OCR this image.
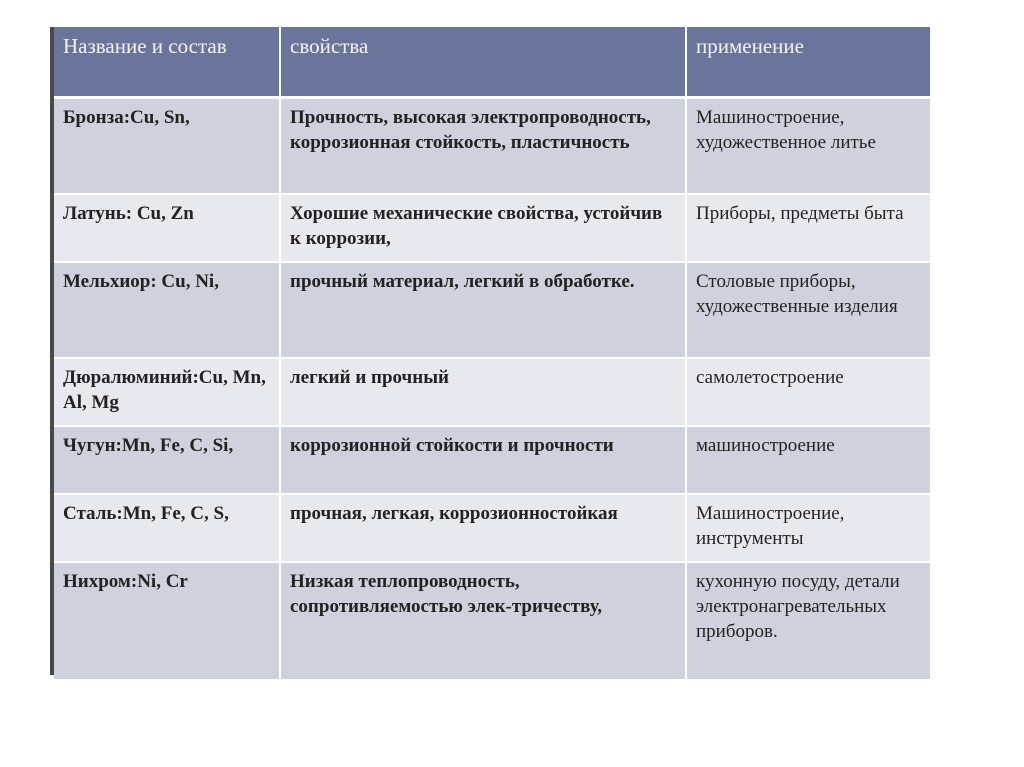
Название и состав	свойства	применение
Бронза:Cu, Sn,	Прочность, высокая электропроводность, коррозионная стойкость, пластичность	Машиностроение, художественное литье
Латунь: Cu, Zn	Хорошие механические свойства, устойчив к коррозии,	Приборы, предметы быта
Мельхиор: Cu, Ni,	прочный материал, легкий в обработке.	Столовые приборы, художественные изделия
Дюралюминий:Cu, Mn, Al, Mg	легкий и прочный	самолетостроение
Чугун:Mn, Fe, C, Si,	коррозионной стойкости и прочности	машиностроение
Сталь:Mn, Fe, C, S,	прочная, легкая, коррозионностойкая	Машиностроение, инструменты
Нихром:Ni, Cr	Низкая теплопроводность, сопротивляемостью элек-тричеству,	кухонную посуду, детали электронагревательных приборов.
